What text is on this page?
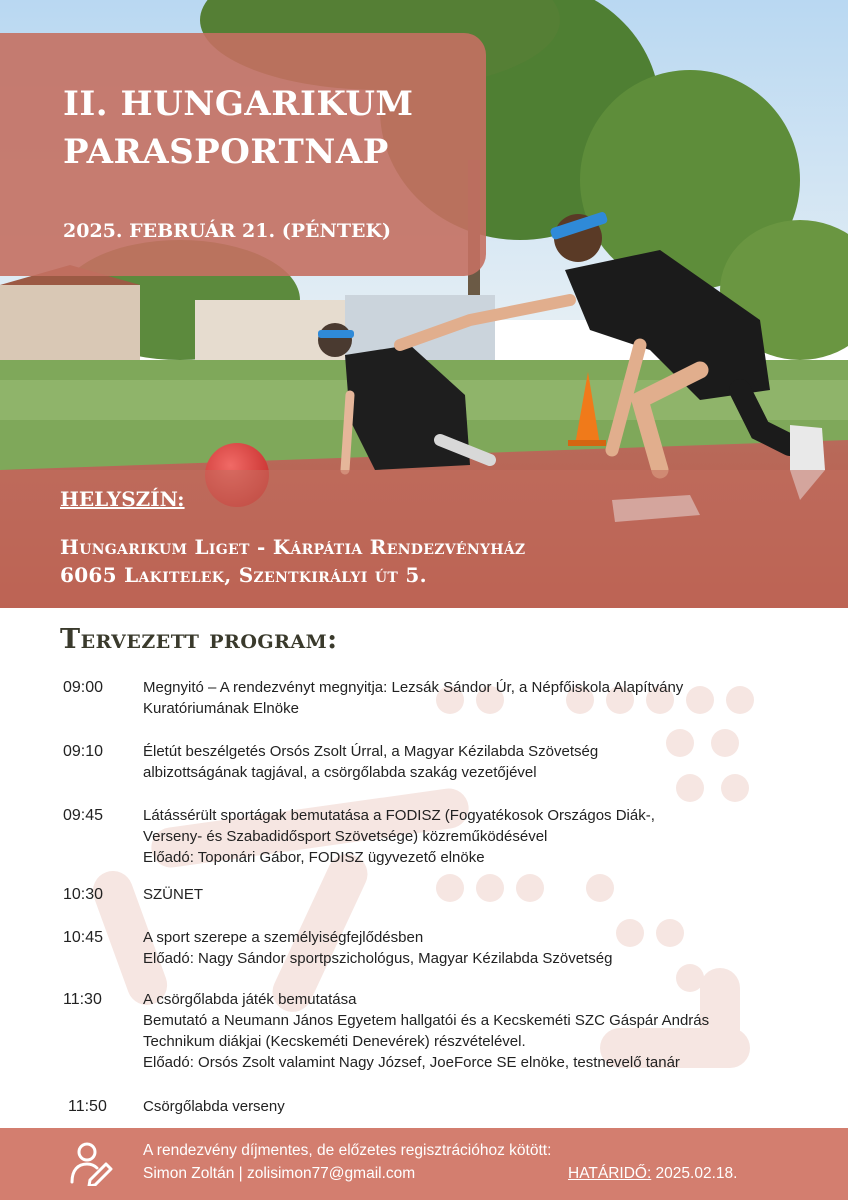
II. HUNGARIKUM
PARASPORTNAP

2025. FEBRUÁR 21. (PÉNTEK)

HELYSZÍN:
Hungarikum Liget - Kárpátia Rendezvényház
6065 Lakitelek, Szentkirályi út 5.
Tervezett program:
09:00	Megnyitó – A rendezvényt megnyitja: Lezsák Sándor Úr, a Népfőiskola Alapítvány
Kuratóriumának Elnöke
09:10	Életút beszélgetés Orsós Zsolt Úrral, a Magyar Kézilabda Szövetség
albizottságának tagjával, a csörgőlabda szakág vezetőjével
09:45	Látássérült sportágak bemutatása a FODISZ (Fogyatékosok Országos Diák-,
Verseny- és Szabadidősport Szövetsége) közreműködésével
Előadó: Toponári Gábor, FODISZ ügyvezető elnöke
10:30	SZÜNET
10:45	A sport szerepe a személyiségfejlődésben
Előadó: Nagy Sándor sportpszichológus, Magyar Kézilabda Szövetség
11:30	A csörgőlabda játék bemutatása
Bemutató a Neumann János Egyetem hallgatói és a Kecskeméti SZC Gáspár András
Technikum diákjai (Kecskeméti Denevérek) részvételével.
Előadó: Orsós Zsolt valamint Nagy József, JoeForce SE elnöke, testnevelő tanár
11:50	Csörgőlabda verseny
A rendezvény díjmentes, de előzetes regisztrációhoz kötött:
Simon Zoltán | zolisimon77@gmail.com	HATÁRIDŐ: 2025.02.18.
